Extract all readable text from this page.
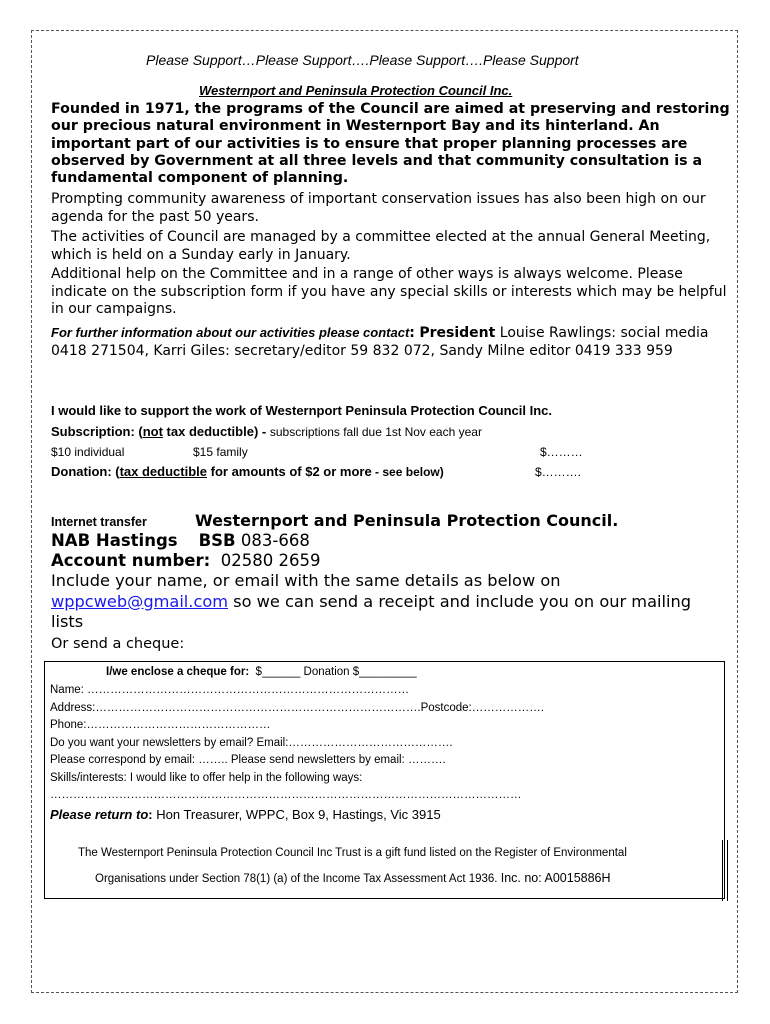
Please Support…Please Support….Please Support….Please Support
Westernport and Peninsula Protection Council Inc.
Founded in 1971, the programs of the Council are aimed at preserving and restoring our precious natural environment in Westernport Bay and its hinterland. An important part of our activities is to ensure that proper planning processes are observed by Government at all three levels and that community consultation is a fundamental component of planning.
Prompting community awareness of important conservation issues has also been high on our agenda for the past 50 years.
The activities of Council are managed by a committee elected at the annual General Meeting, which is held on a Sunday early in January.
Additional help on the Committee and in a range of other ways is always welcome. Please indicate on the subscription form if you have any special skills or interests which may be helpful in our campaigns.
For further information about our activities please contact: President Louise Rawlings: social media 0418 271504, Karri Giles: secretary/editor 59 832 072, Sandy Milne editor 0419 333 959
I would like to support the work of Westernport Peninsula Protection Council Inc.
Subscription: (not tax deductible) - subscriptions fall due 1st Nov each year
$10 individual	$15 family	$………
Donation: (tax deductible for amounts of $2 or more - see below)	$……….
Internet transfer	Westernport and Peninsula Protection Council.
NAB Hastings BSB 083-668
Account number: 02580 2659
Include your name, or email with the same details as below on wppcweb@gmail.com so we can send a receipt and include you on our mailing lists
Or send a cheque:
I/we enclose a cheque for: $______ Donation $_________
Name: …………………………………………………………………………
Address:………………………………………………………………………….Postcode:……………….
Phone:…………………………………………
Do you want your newsletters by email? Email:…………………………………….
Please correspond by email: …….. Please send newsletters by email: ……….
Skills/interests: I would like to offer help in the following ways:
……………………………………………………………………………………………………………
Please return to: Hon Treasurer, WPPC, Box 9, Hastings, Vic 3915
The Westernport Peninsula Protection Council Inc Trust is a gift fund listed on the Register of Environmental
Organisations under Section 78(1) (a) of the Income Tax Assessment Act 1936. Inc. no: A0015886H
